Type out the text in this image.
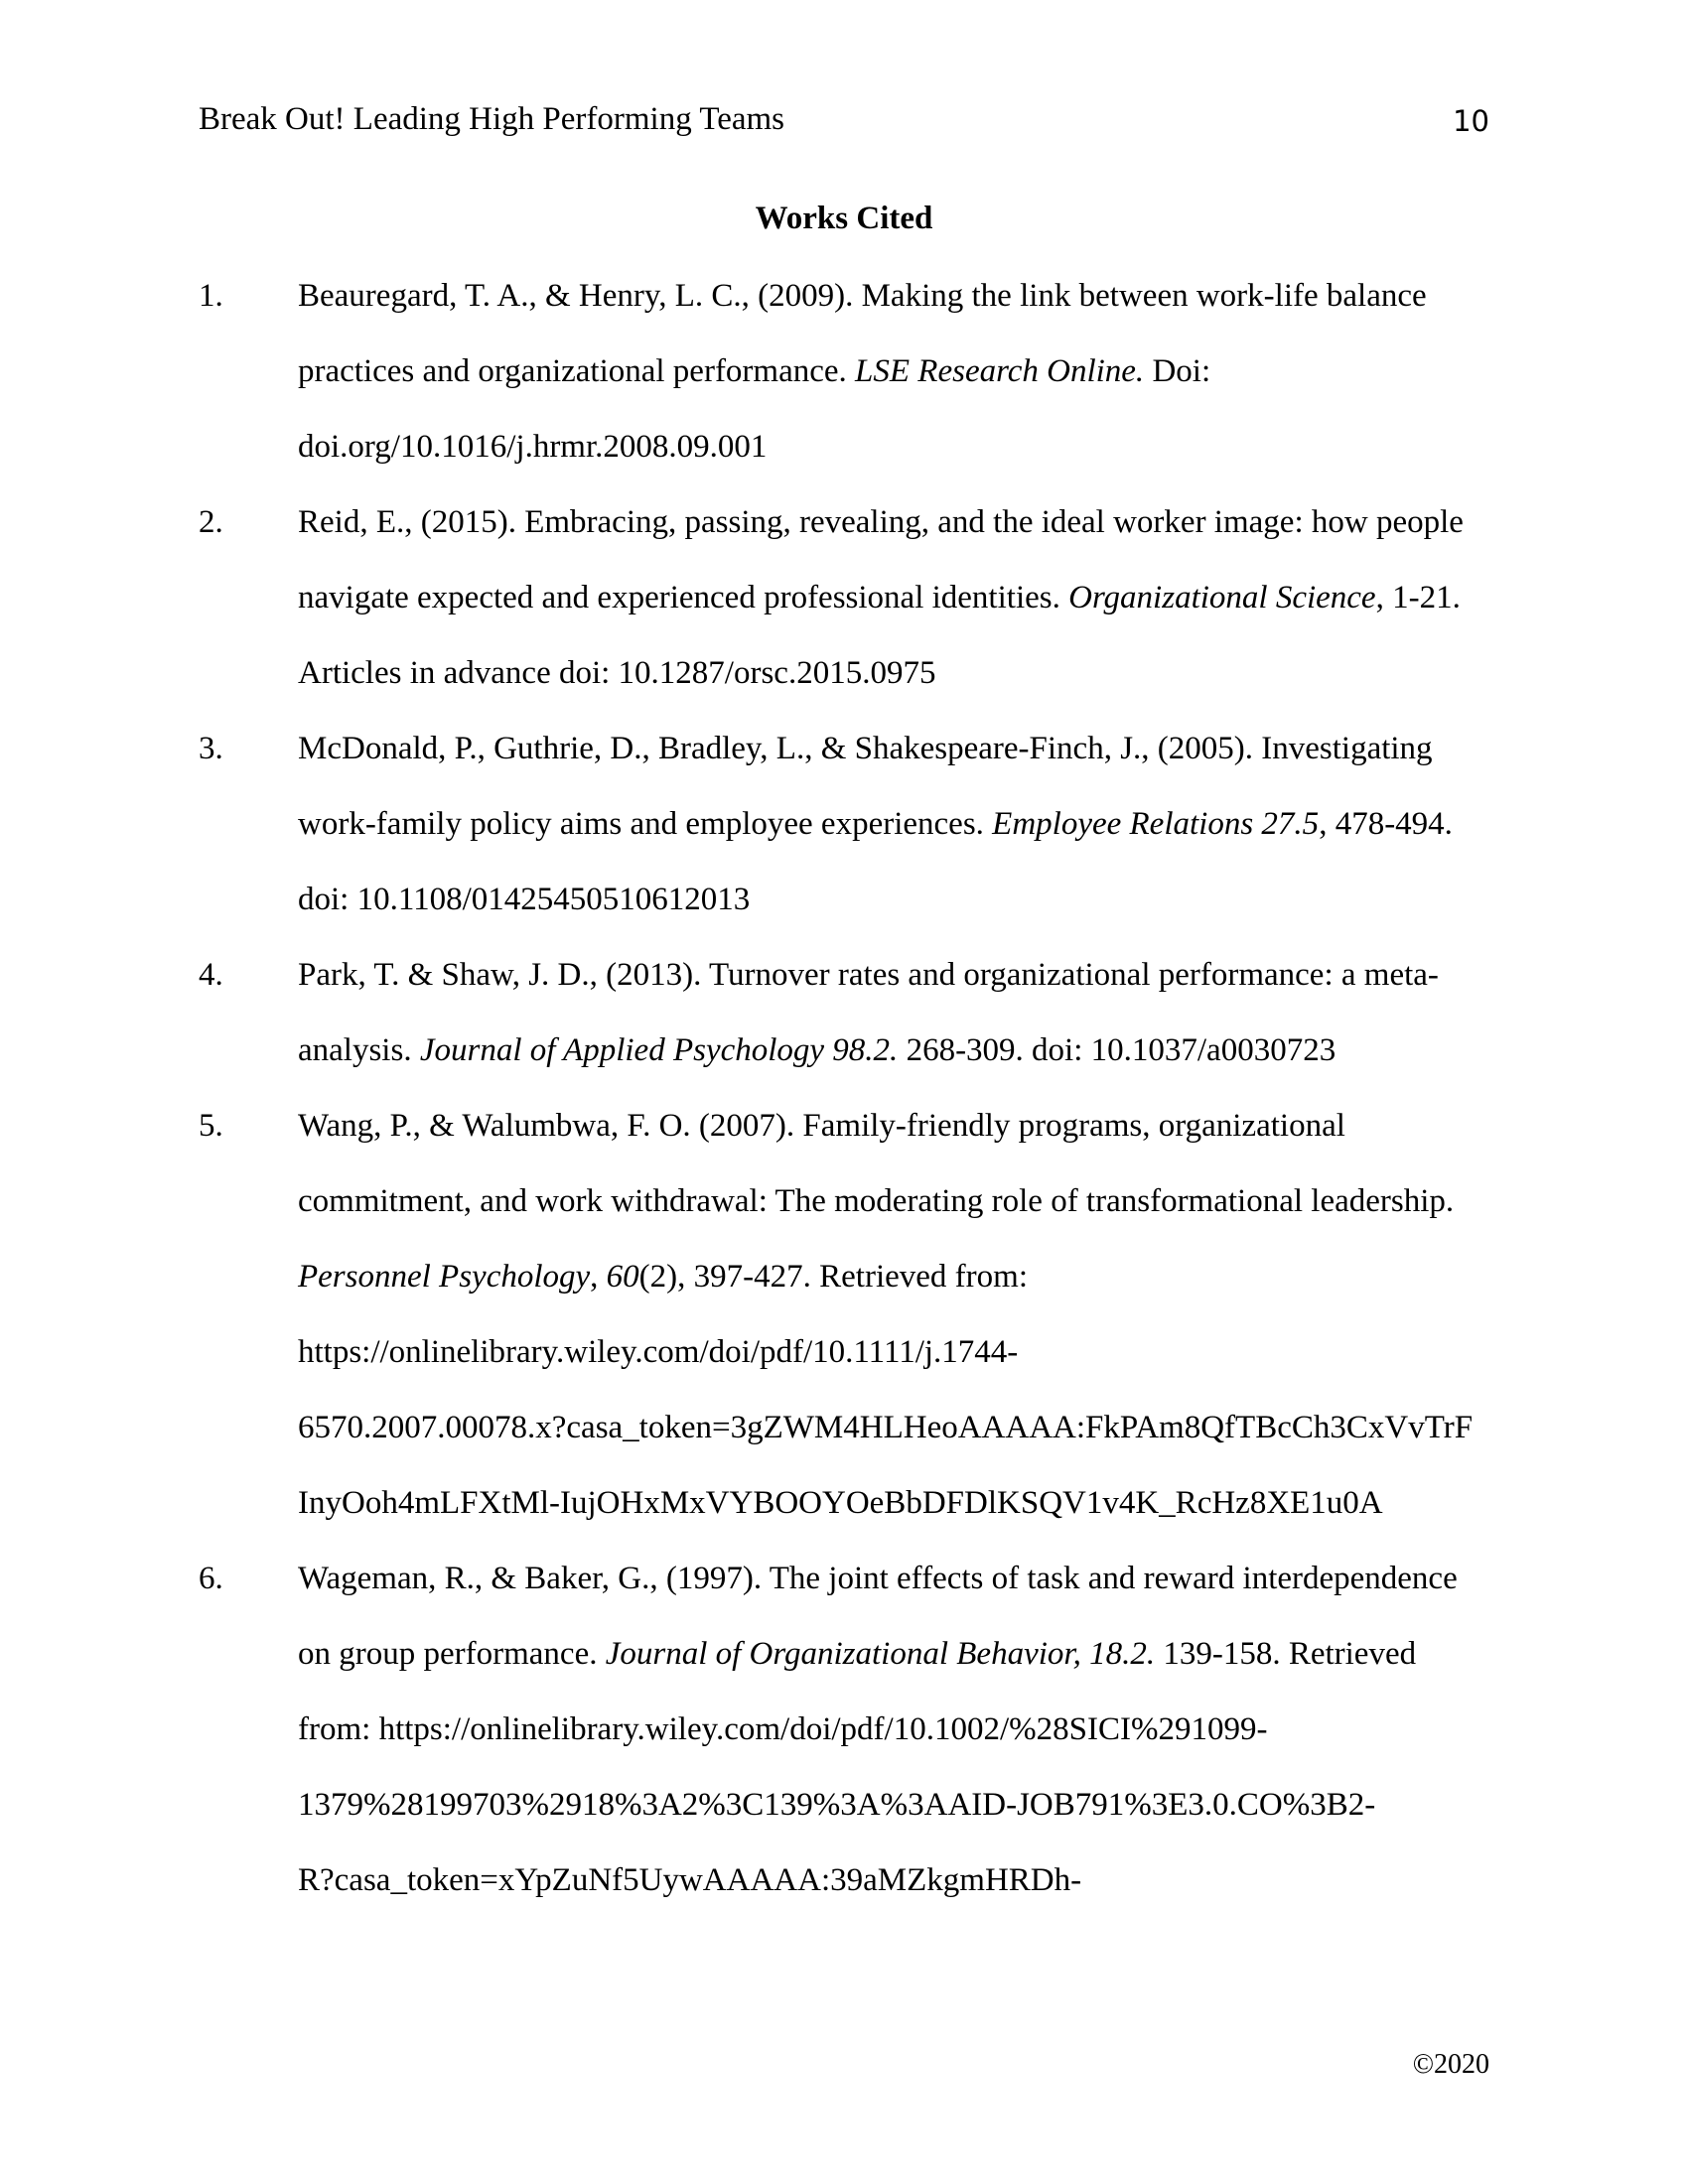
Break Out! Leading High Performing Teams	10
Works Cited
1. Beauregard, T. A., & Henry, L. C., (2009). Making the link between work-life balance
practices and organizational performance. LSE Research Online. Doi:
doi.org/10.1016/j.hrmr.2008.09.001
2. Reid, E., (2015). Embracing, passing, revealing, and the ideal worker image: how people
navigate expected and experienced professional identities. Organizational Science, 1-21.
Articles in advance doi: 10.1287/orsc.2015.0975
3. McDonald, P., Guthrie, D., Bradley, L., & Shakespeare-Finch, J., (2005). Investigating
work-family policy aims and employee experiences. Employee Relations 27.5, 478-494.
doi: 10.1108/01425450510612013
4. Park, T. & Shaw, J. D., (2013). Turnover rates and organizational performance: a meta-
analysis. Journal of Applied Psychology 98.2. 268-309. doi: 10.1037/a0030723
5. Wang, P., & Walumbwa, F. O. (2007). Family-friendly programs, organizational
commitment, and work withdrawal: The moderating role of transformational leadership.
Personnel Psychology, 60(2), 397-427. Retrieved from:
https://onlinelibrary.wiley.com/doi/pdf/10.1111/j.1744-
6570.2007.00078.x?casa_token=3gZWM4HLHeoAAAAA:FkPAm8QfTBcCh3CxVvTrF
InyOoh4mLFXtMl-IujOHxMxVYBOOYOeBbDFDlKSQV1v4K_RcHz8XE1u0A
6. Wageman, R., & Baker, G., (1997). The joint effects of task and reward interdependence
on group performance. Journal of Organizational Behavior, 18.2. 139-158. Retrieved
from: https://onlinelibrary.wiley.com/doi/pdf/10.1002/%28SICI%291099-
1379%28199703%2918%3A2%3C139%3A%3AAID-JOB791%3E3.0.CO%3B2-
R?casa_token=xYpZuNf5UywAAAAA:39aMZkgmHRDh-
©2020
